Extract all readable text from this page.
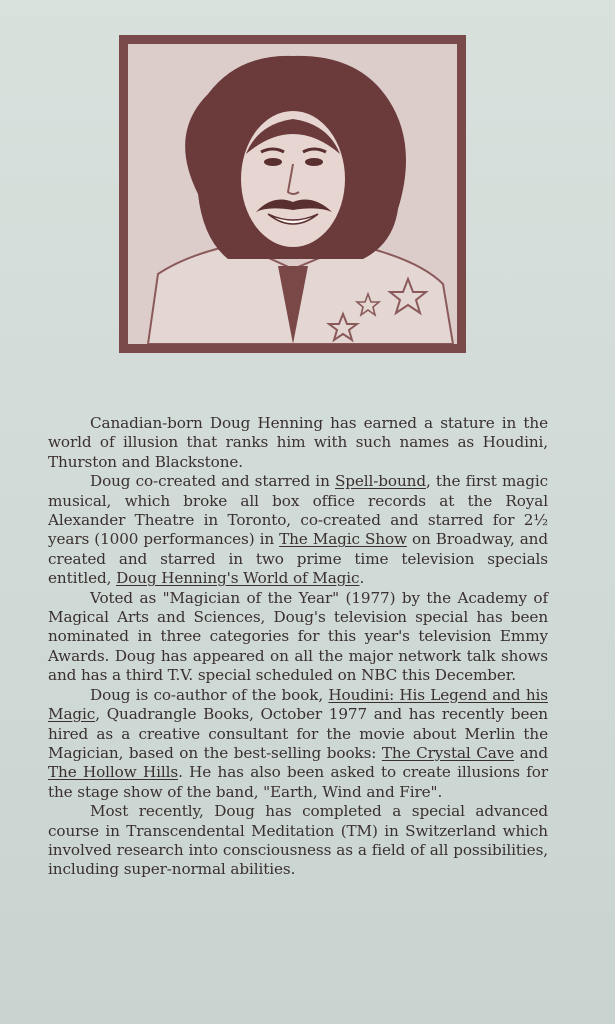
Canadian-born Doug Henning has earned a stature in the world of illusion that ranks him with such names as Houdini, Thurston and Blackstone.

Doug co-created and starred in Spell-bound, the first magic musical, which broke all box office records at the Royal Alexander Theatre in Toronto, co-created and starred for 2½ years (1000 performances) in The Magic Show on Broadway, and created and starred in two prime time television specials entitled, Doug Henning's World of Magic.

Voted as "Magician of the Year" (1977) by the Academy of Magical Arts and Sciences, Doug's television special has been nominated in three categories for this year's television Emmy Awards. Doug has appeared on all the major network talk shows and has a third T.V. special scheduled on NBC this December.

Doug is co-author of the book, Houdini: His Legend and his Magic, Quadrangle Books, October 1977 and has recently been hired as a creative consultant for the movie about Merlin the Magician, based on the best-selling books: The Crystal Cave and The Hollow Hills. He has also been asked to create illusions for the stage show of the band, "Earth, Wind and Fire".

Most recently, Doug has completed a special advanced course in Transcendental Meditation (TM) in Switzerland which involved research into consciousness as a field of all possibilities, including super-normal abilities.
